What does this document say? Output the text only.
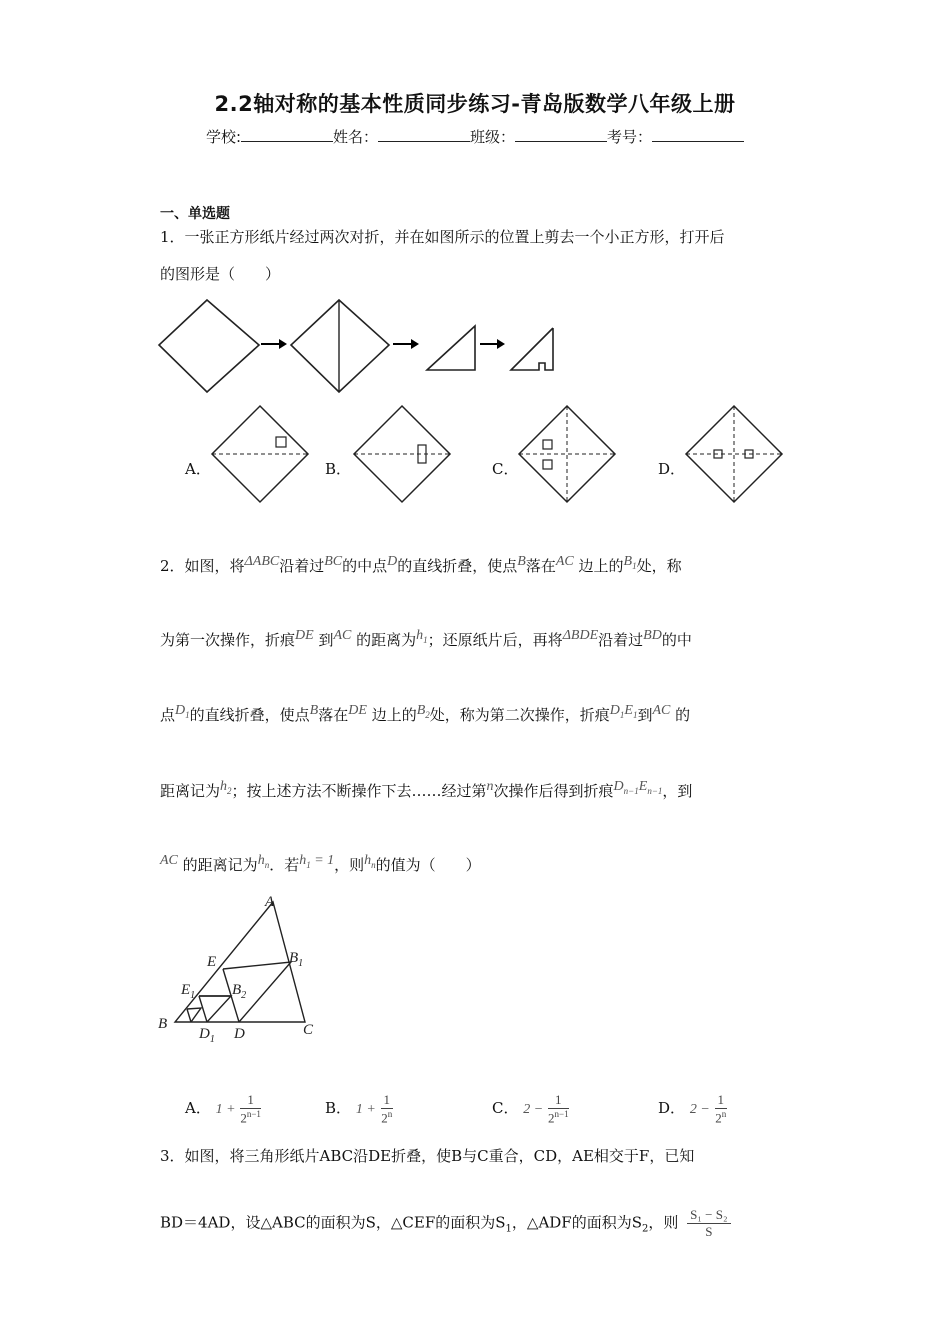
2.2轴对称的基本性质同步练习-青岛版数学八年级上册
学校:	姓名：	班级：	考号：
一、单选题
1．一张正方形纸片经过两次对折，并在如图所示的位置上剪去一个小正方形，打开后
的图形是（　　）
A．	B．	C．	D．
2．如图，将$^{\Delta ABC}$沿着过$^{BC}$的中点$^D$的直线折叠，使点$^B$落在$^{AC}$ 边上的$^{B_1}$处，称
为第一次操作，折痕$^{DE}$ 到$^{AC}$ 的距离为$^{h_1}$；还原纸片后，再将$^{\Delta BDE}$沿着过$^{BD}$的中
点$^{D_1}$的直线折叠，使点$^B$落在$^{DE}$ 边上的$^{B_2}$处，称为第二次操作，折痕$^{D_1E_1}$到$^{AC}$ 的
距离记为$^{h_2}$；按上述方法不断操作下去……经过第$^n$次操作后得到折痕$^{D_{n-1}E_{n-1}}$，到
$^{AC}$ 的距离记为$^{h_n}$．若$^{h_1 = 1}$，则$^{h_n}$的值为（　　）
A
E	$B_1$
$E_1$ $B_2$
B
$D_1$ D	C
A． $1 + \frac{1}{2^{n-1}}$	B． $1 + \frac{1}{2^n}$	C． $2 - \frac{1}{2^{n-1}}$	D． $2 - \frac{1}{2^n}$
3．如图，将三角形纸片ABC沿DE折叠，使B与C重合，CD，AE相交于F，已知
BD＝4AD，设△ABC的面积为S，△CEF的面积为$S_1$，△ADF的面积为$S_2$，则 $\frac{\text{S₁ − S₂}}{S}$
